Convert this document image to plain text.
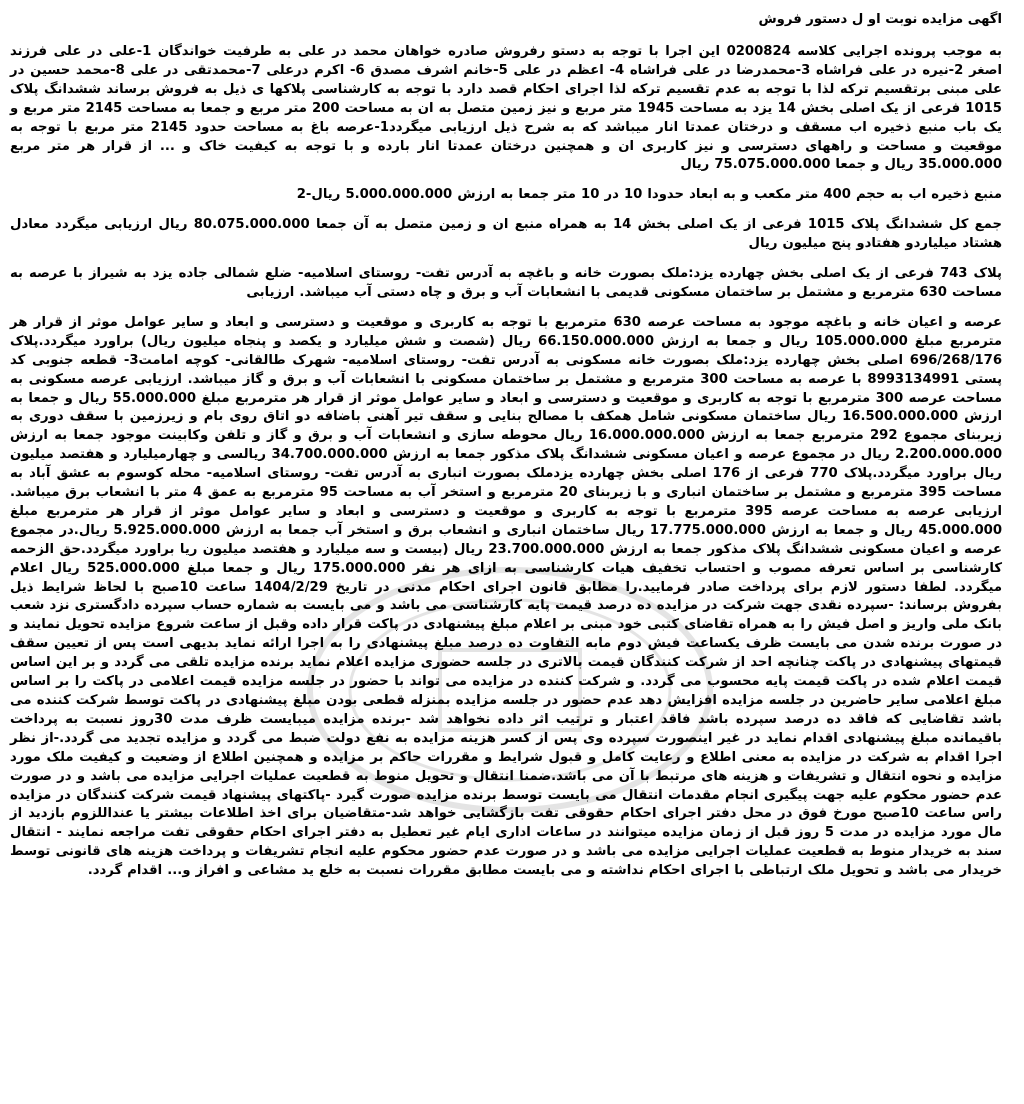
اگهی مزایده نوبت او ل دستور فروش

به موجب پرونده اجرایی کلاسه 0200824 این اجرا با توجه به دستو رفروش صادره خواهان محمد در علی به طرفیت خواندگان 1-علی در علی فرزند اصغر 2-نیره در علی فراشاه 3-محمدرضا در علی فراشاه 4- اعظم در علی 5-خانم اشرف مصدق 6- اکرم درعلی 7-محمدتقی در علی 8-محمد حسین در علی مبنی برتقسیم ترکه لذا با توجه به عدم تقسیم ترکه لذا اجرای احکام قصد دارد با توجه به کارشناسی پلاکها ی ذیل به فروش برساند ششدانگ پلاک 1015 فرعی از یک اصلی بخش 14 یزد به مساحت 1945 متر مربع و نیز زمین متصل به ان به مساحت 200 متر مربع و جمعا به مساحت 2145 متر مربع و یک باب منبع ذخیره اب مسقف و درختان عمدتا انار میباشد که به شرح ذیل ارزیابی میگردد1-عرصه باغ به مساحت حدود 2145 متر مربع با توجه به موقعیت و مساحت و راههای دسترسی و نیز کاربری ان و همچنین درختان عمدتا انار بارده و با توجه به کیفیت خاک و ... از قرار هر متر مربع 35.000.000 ریال و جمعا 75.075.000.000 ریال

منبع ذخیره اب به حجم 400 متر مکعب و به ابعاد حدودا 10 در 10 متر جمعا به ارزش 5.000.000.000 ریال-2

جمع کل ششدانگ پلاک 1015 فرعی از یک اصلی بخش 14 به همراه منبع ان و زمین متصل به آن جمعا 80.075.000.000 ریال ارزیابی میگردد معادل هشتاد میلیاردو هفتادو پنج میلیون ریال

پلاک 743 فرعی از یک اصلی بخش چهارده یزد:ملک بصورت خانه و باغچه به آدرس تفت- روستای اسلامیه- ضلع شمالی جاده یزد به شیراز با عرصه به مساحت 630 مترمربع و مشتمل بر ساختمان مسکونی قدیمی با انشعابات آب و برق و چاه دستی آب میباشد. ارزیابی

عرصه و اعیان خانه و باغچه موجود به مساحت عرصه 630 مترمربع با توجه به کاربری و موقعیت و دسترسی و ابعاد و سایر عوامل موثر از قرار هر مترمربع مبلغ 105.000.000 ریال و جمعا به ارزش 66.150.000.000 ریال (شصت و شش میلیارد و یکصد و پنجاه میلیون ریال) براورد میگردد.پلاک 696/268/176 اصلی بخش چهارده یزد:ملک بصورت خانه مسکونی به آدرس تفت- روستای اسلامیه- شهرک طالقانی- کوچه امامت3- قطعه جنوبی کد پستی 8993134991 با عرصه به مساحت 300 مترمربع و مشتمل بر ساختمان مسکونی با انشعابات آب و برق و گاز میباشد. ارزیابی عرصه مسکونی به مساحت عرصه 300 مترمربع با توجه به کاربری و موقعیت و دسترسی و ابعاد و سایر عوامل موثر از قرار هر مترمربع مبلغ 55.000.000 ریال و جمعا به ارزش 16.500.000.000 ریال ساختمان مسکونی شامل همکف با مصالح بنایی و سقف تیر آهنی باضافه دو اتاق روی بام و زیرزمین با سقف دوری به زیربنای مجموع 292 مترمربع جمعا به ارزش 16.000.000.000 ریال محوطه سازی و انشعابات آب و برق و گاز و تلفن وکابینت موجود جمعا به ارزش 2.200.000.000 ریال در مجموع عرصه و اعیان مسکونی ششدانگ پلاک مذکور جمعا به ارزش 34.700.000.000 ریالسی و چهارمیلیارد و هفتصد میلیون ریال براورد میگردد.پلاک 770 فرعی از 176 اصلی بخش چهارده یزدملک بصورت انباری به آدرس تفت- روستای اسلامیه- محله کوسوم به عشق آباد به مساحت 395 مترمربع و مشتمل بر ساختمان انباری و با زیربنای 20 مترمربع و استخر آب به مساحت 95 مترمربع به عمق 4 متر با انشعاب برق میباشد. ارزیابی عرصه به مساحت عرصه 395 مترمربع با توجه به کاربری و موقعیت و دسترسی و ابعاد و سایر عوامل موثر از قرار هر مترمربع مبلغ 45.000.000 ریال و جمعا به ارزش 17.775.000.000 ریال ساختمان انباری و انشعاب برق و استخر آب جمعا به ارزش 5.925.000.000 ریال.در مجموع عرصه و اعیان مسکونی ششدانگ پلاک مذکور جمعا به ارزش 23.700.000.000 ریال (بیست و سه میلیارد و هفتصد میلیون ریا براورد میگردد.حق الزحمه کارشناسی بر اساس تعرفه مصوب و احتساب تخفیف هیات کارشناسی به ازای هر نفر 175.000.000 ریال و جمعا مبلغ 525.000.000 ریال اعلام میگردد. لطفا دستور لازم برای پرداخت صادر فرمایید.را مطابق قانون اجرای احکام مدنی در تاریخ 1404/2/29 ساعت 10صبح با لحاظ شرایط ذیل بفروش برساند: -سپرده نقدی جهت شرکت در مزایده ده درصد قیمت پایه کارشناسی می باشد و می بایست به شماره حساب سپرده دادگستری نزد شعب بانک ملی واریز و اصل فیش را به همراه تقاضای کتبی خود مبنی بر اعلام مبلغ پیشنهادی در پاکت قرار داده وقبل از ساعت شروع مزایده تحویل نمایند و در صورت برنده شدن می بایست ظرف یکساعت فیش دوم مابه التفاوت ده درصد مبلغ پیشنهادی را به اجرا ارائه نماید بدیهی است پس از تعیین سقف قیمتهای پیشنهادی در پاکت چنانچه احد از شرکت کنندگان قیمت بالاتری در جلسه حضوری مزایده اعلام نماید برنده مزایده تلقی می گردد و بر این اساس قیمت اعلام شده در پاکت قیمت پایه محسوب می گردد. و شرکت کننده در مزایده می تواند با حضور در جلسه مزایده قیمت اعلامی در پاکت را بر اساس مبلغ اعلامی سایر حاضرین در جلسه مزایده افزایش دهد عدم حضور در جلسه مزایده بمنزله قطعی بودن مبلغ پیشنهادی در پاکت توسط شرکت کننده می باشد تقاضایی که فاقد ده درصد سپرده باشد فاقد اعتبار و ترتیب اثر داده نخواهد شد -برنده مزایده میبایست ظرف مدت 30روز نسبت به پرداخت باقیمانده مبلغ پیشنهادی اقدام نماید در غیر اینصورت سپرده وی پس از کسر هزینه مزایده به نفع دولت ضبط می گردد و مزایده تجدید می گردد.-از نظر اجرا اقدام به شرکت در مزایده به معنی اطلاع و رعایت کامل و قبول شرایط و مقررات حاکم بر مزایده و همچنین اطلاع از وضعیت و کیفیت ملک مورد مزایده و نحوه انتقال و تشریفات و هزینه های مرتبط با آن می باشد.ضمنا انتقال و تحویل منوط به قطعیت عملیات اجرایی مزایده می باشد و در صورت عدم حضور محکوم علیه جهت پیگیری انجام مقدمات انتقال می بایست توسط برنده مزایده صورت گیرد -پاکتهای پیشنهاد قیمت شرکت کنندگان در مزایده راس ساعت 10صبح مورخ فوق در محل دفتر اجرای احکام حقوقی تفت بازگشایی خواهد شد-متقاضیان برای اخذ اطلاعات بیشتر یا عنداللزوم بازدید از مال مورد مزایده در مدت 5 روز قبل از زمان مزایده میتوانند در ساعات اداری ایام غیر تعطیل به دفتر اجرای احکام حقوقی تفت مراجعه نمایند - انتقال سند به خریدار منوط به قطعیت عملیات اجرایی مزایده می باشد و در صورت عدم حضور محکوم علیه انجام تشریفات و پرداخت هزینه های قانونی توسط خریدار می باشد و تحویل ملک ارتباطی با اجرای احکام نداشته و می بایست مطابق مقررات نسبت به خلع ید مشاعی و افراز و... اقدام گردد.
